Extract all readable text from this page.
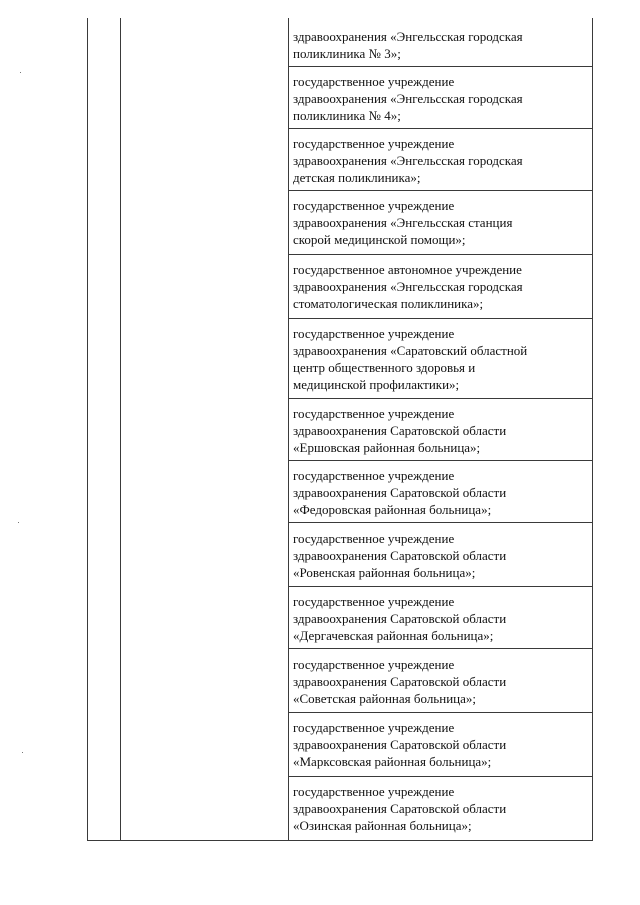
здравоохранения «Энгельсская городская
поликлиника № 3»;
государственное учреждение
здравоохранения «Энгельсская городская
поликлиника № 4»;
государственное учреждение
здравоохранения «Энгельсская городская
детская поликлиника»;
государственное учреждение
здравоохранения «Энгельсская станция
скорой медицинской помощи»;
государственное автономное учреждение
здравоохранения «Энгельсская городская
стоматологическая поликлиника»;
государственное учреждение
здравоохранения «Саратовский областной
центр общественного здоровья и
медицинской профилактики»;
государственное учреждение
здравоохранения Саратовской области
«Ершовская районная больница»;
государственное учреждение
здравоохранения Саратовской области
«Федоровская районная больница»;
государственное учреждение
здравоохранения Саратовской области
«Ровенская районная больница»;
государственное учреждение
здравоохранения Саратовской области
«Дергачевская районная больница»;
государственное учреждение
здравоохранения Саратовской области
«Советская районная больница»;
государственное учреждение
здравоохранения Саратовской области
«Марксовская районная больница»;
государственное учреждение
здравоохранения Саратовской области
«Озинская районная больница»;
